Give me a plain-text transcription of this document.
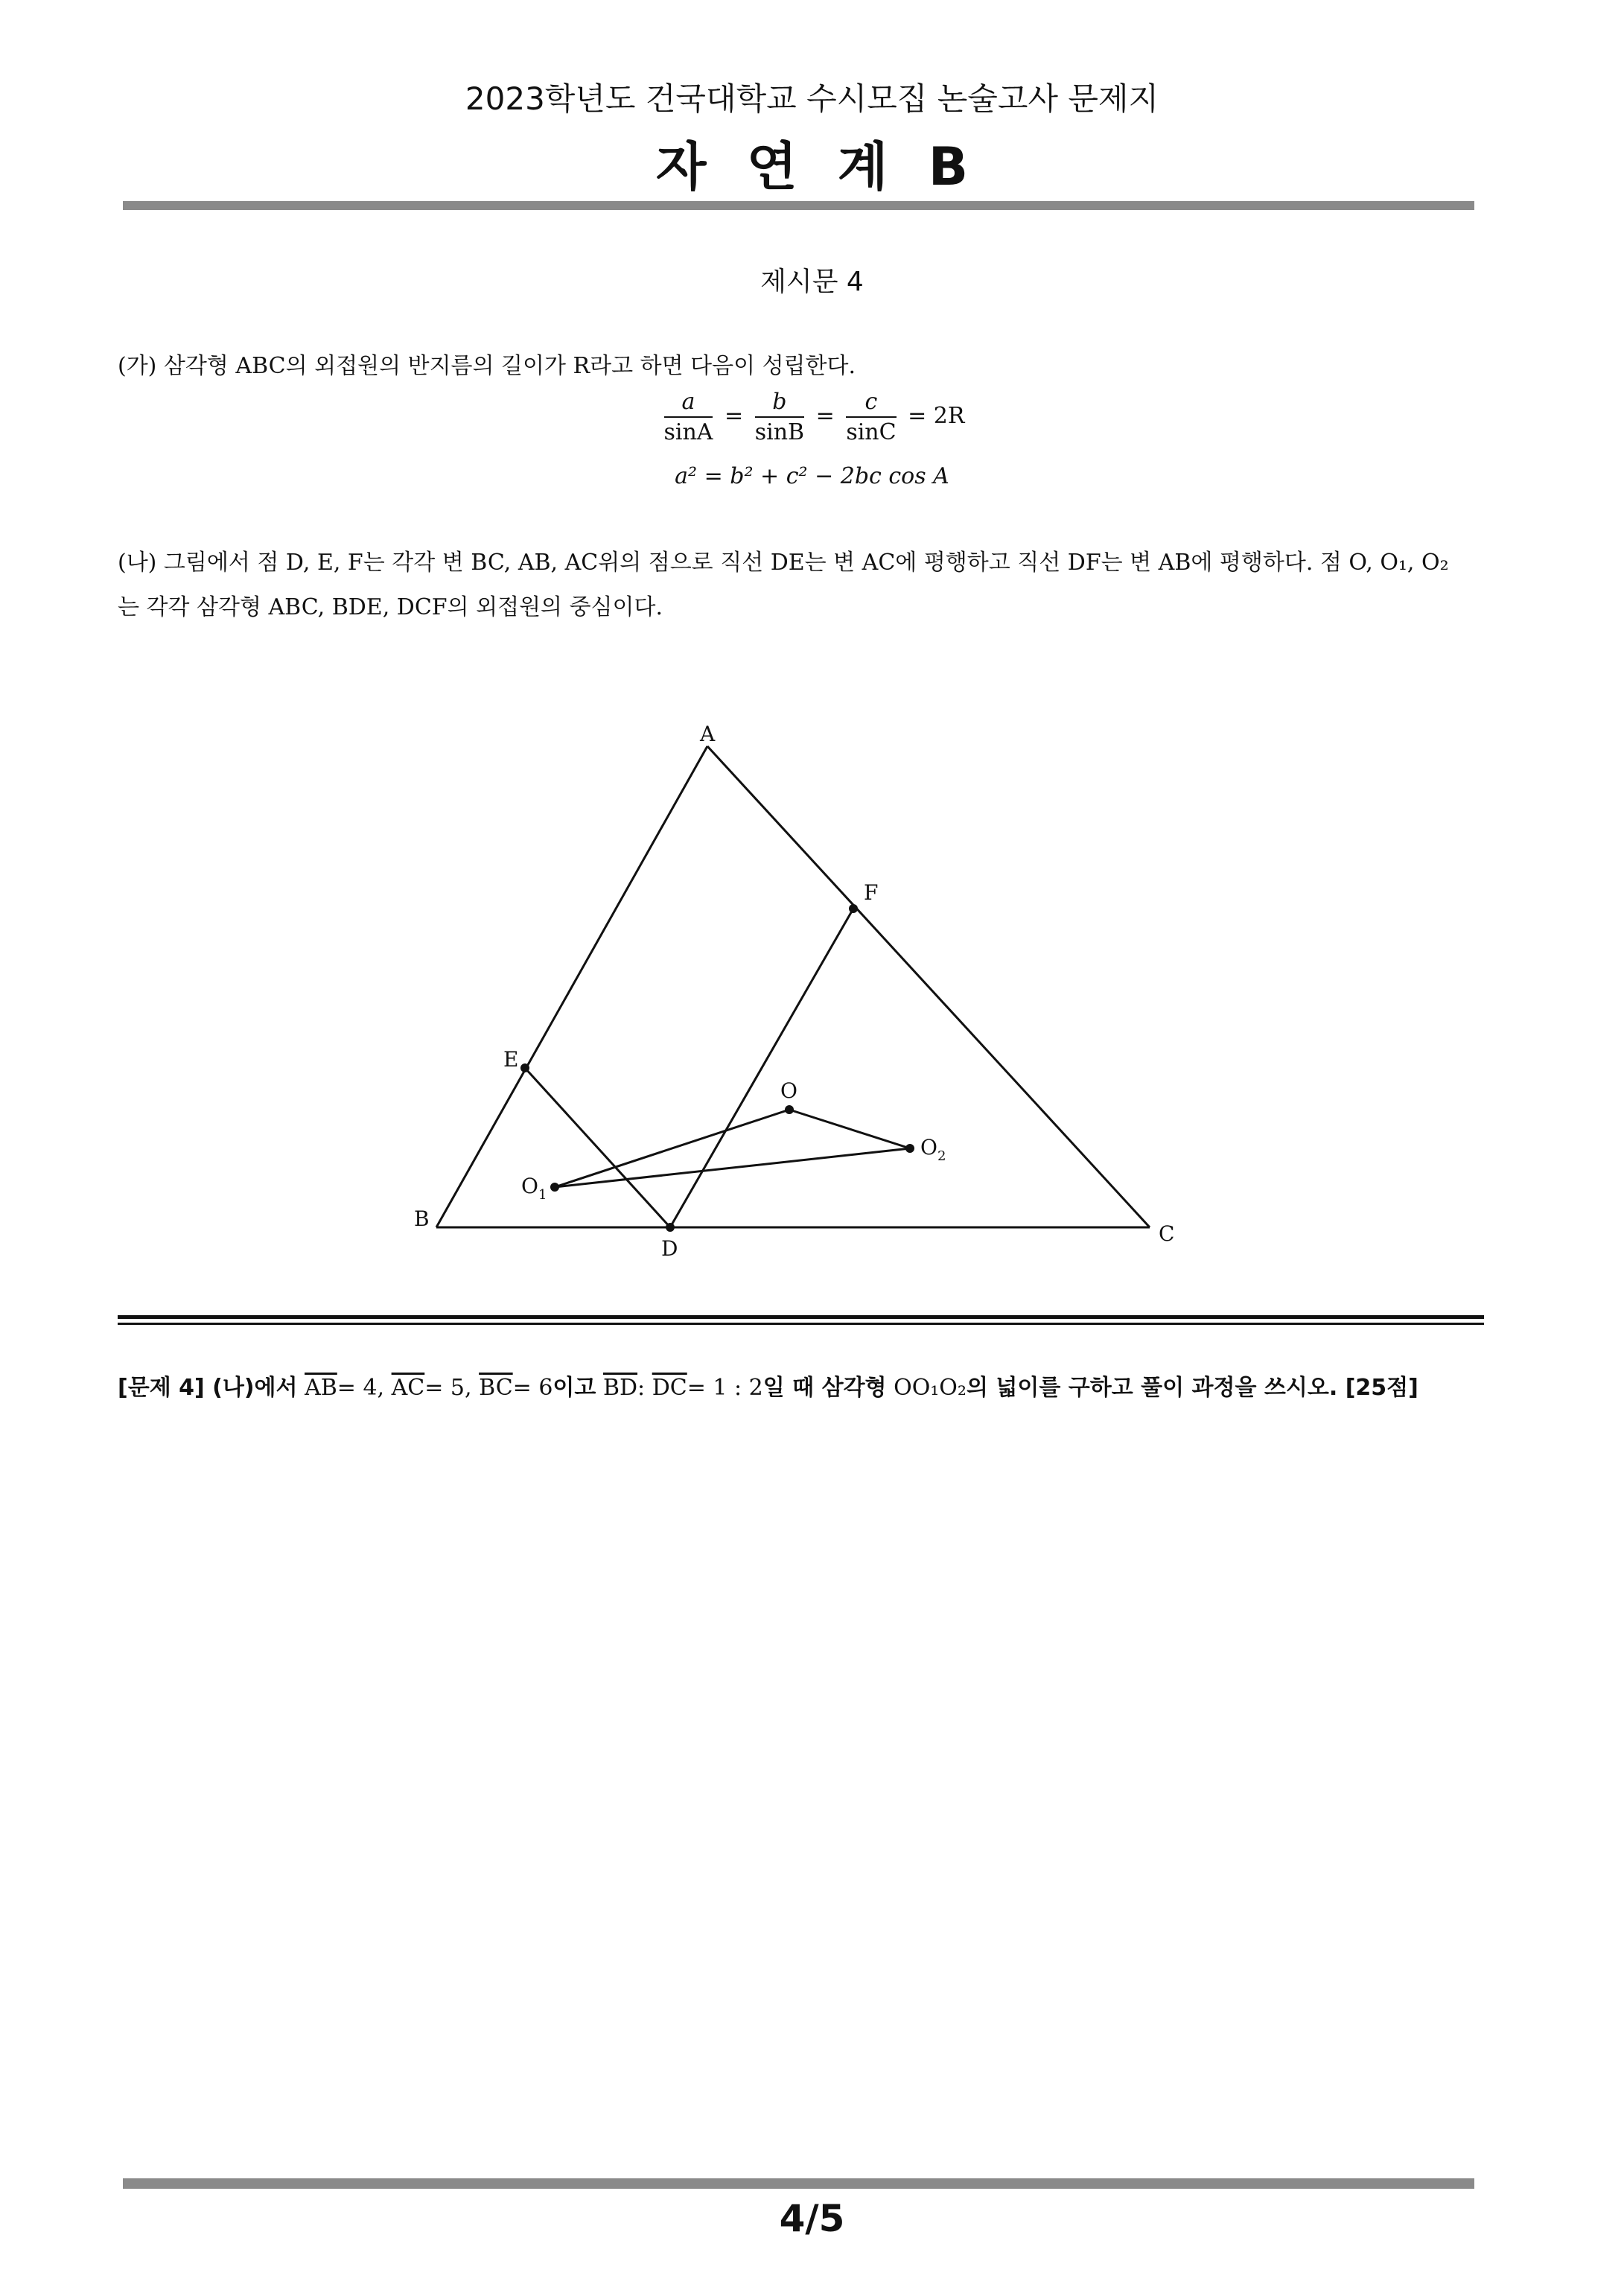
2023학년도 건국대학교 수시모집 논술고사 문제지
자 연 계 B
제시문 4
(가) 삼각형 ABC의 외접원의 반지름의 길이가 R라고 하면 다음이 성립한다.
$\frac{a}{\sin A} = \frac{b}{\sin B} = \frac{c}{\sin C} = 2R$
a² = b² + c² − 2bc cos A
(나) 그림에서 점 D, E, F는 각각 변 BC, AB, AC위의 점으로 직선 DE는 변 AC에 평행하고 직선 DF는 변 AB에 평행하다. 점 O, O₁, O₂
는 각각 삼각형 ABC, BDE, DCF의 외접원의 중심이다.
A
B
C
D
E
F
O
$O_1$
$O_2$
[문제 4] (나)에서 $\overline{AB}= 4$, $\overline{AC}= 5$, $\overline{BC}= 6$이고 $\overline{BD}$: $\overline{DC}= 1$ : 2일 때 삼각형 OO₁O₂의 넓이를 구하고 풀이 과정을 쓰시오. [25점]
4/5
